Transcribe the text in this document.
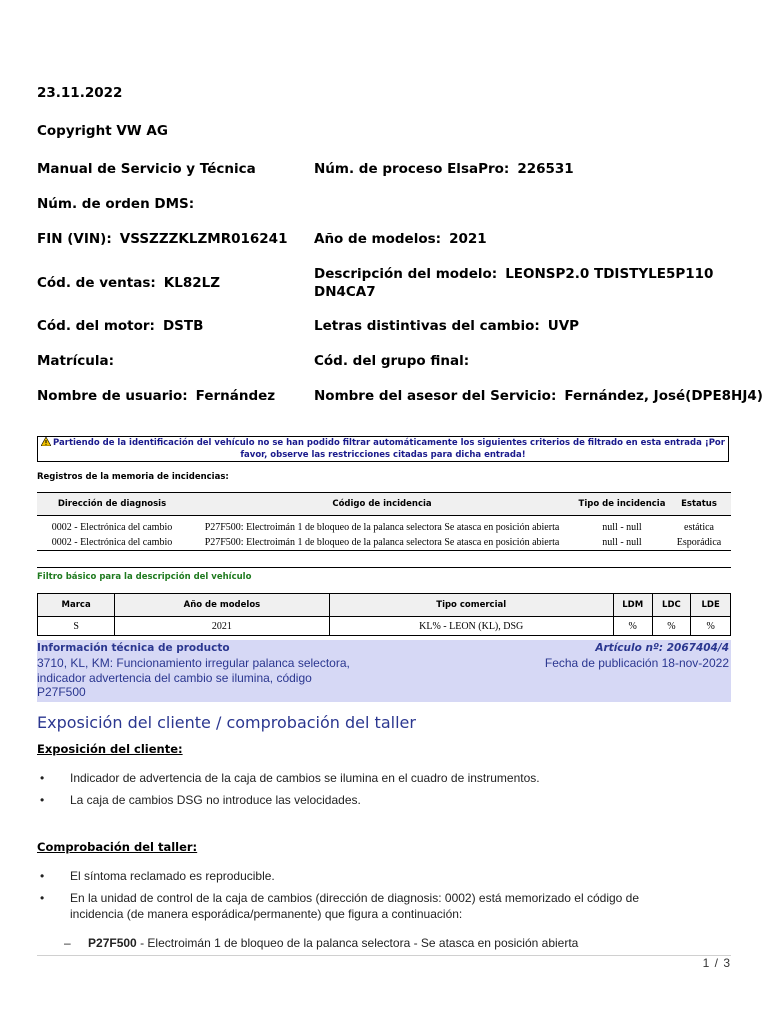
23.11.2022
Copyright VW AG
Manual de Servicio y Técnica	Núm. de proceso ElsaPro: 226531
Núm. de orden DMS:
FIN (VIN): VSSZZZKLZMR016241 Año de modelos: 2021
Cód. de ventas: KL82LZ
Descripción del modelo: LEONSP2.0 TDISTYLE5P110
DN4CA7
Cód. del motor: DSTB	Letras distintivas del cambio: UVP
Matrícula:	Cód. del grupo final:
Nombre de usuario: Fernández	Nombre del asesor del Servicio: Fernández, José(DPE8HJ4)
Partiendo de la identificación del vehículo no se han podido filtrar automáticamente los siguientes criterios de filtrado en esta entrada ¡Por
favor, observe las restricciones citadas para dicha entrada!
Registros de la memoria de incidencias:
Dirección de diagnosis	Código de incidencia	Tipo de incidencia	Estatus
0002 - Electrónica del cambio	P27F500: Electroimán 1 de bloqueo de la palanca selectora Se atasca en posición abierta	null - null	estática
0002 - Electrónica del cambio	P27F500: Electroimán 1 de bloqueo de la palanca selectora Se atasca en posición abierta	null - null	Esporádica
Filtro básico para la descripción del vehículo
Marca	Año de modelos	Tipo comercial	LDM	LDC	LDE
S	2021	KL% - LEON (KL), DSG	%	%	%
Información técnica de producto	Artículo nº: 2067404/4
3710, KL, KM: Funcionamiento irregular palanca selectora,
indicador advertencia del cambio se ilumina, código
P27F500
Fecha de publicación 18-nov-2022
Exposición del cliente / comprobación del taller
Exposición del cliente:
• Indicador de advertencia de la caja de cambios se ilumina en el cuadro de instrumentos.
• La caja de cambios DSG no introduce las velocidades.
Comprobación del taller:
• El síntoma reclamado es reproducible.
• En la unidad de control de la caja de cambios (dirección de diagnosis: 0002) está memorizado el código de
incidencia (de manera esporádica/permanente) que figura a continuación:
– P27F500 - Electroimán 1 de bloqueo de la palanca selectora - Se atasca en posición abierta
1 / 3
